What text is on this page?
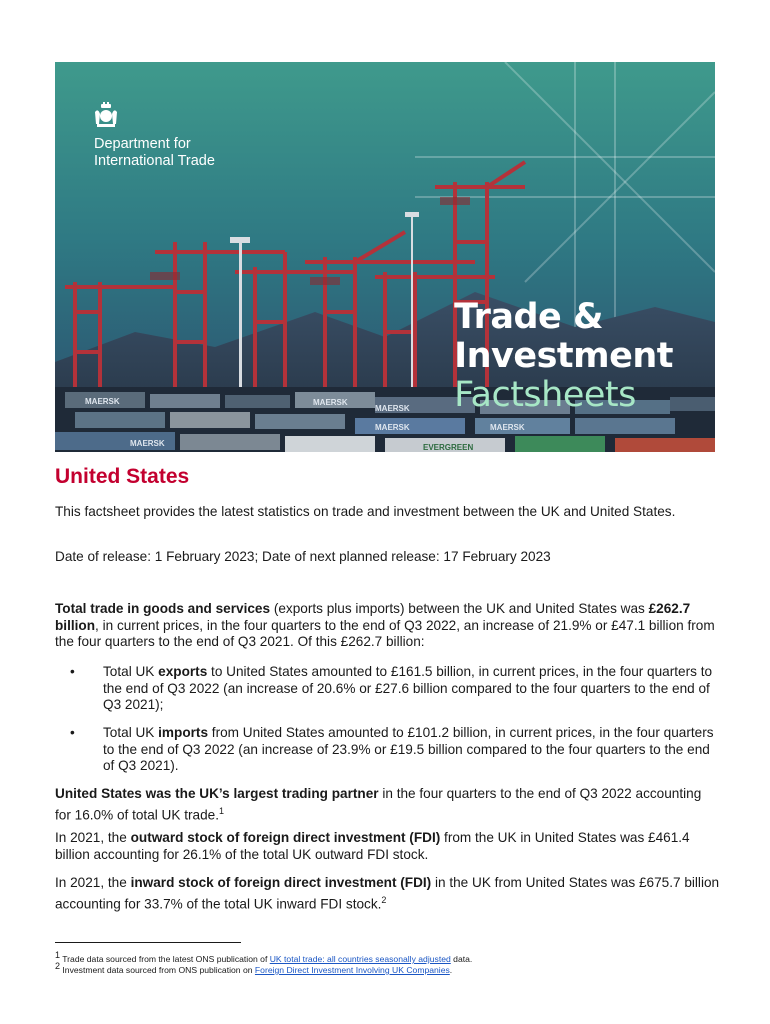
MAERSK	MAERSK
MAERSK
MAERSK	MAERSK
MAERSK	EVERGREEN
Department for
International Trade
Trade &
Investment
Factsheets
United States
This factsheet provides the latest statistics on trade and investment between the UK and United States.
Date of release: 1 February 2023; Date of next planned release: 17 February 2023
Total trade in goods and services (exports plus imports) between the UK and United States was £262.7 billion, in current prices, in the four quarters to the end of Q3 2022, an increase of 21.9% or £47.1 billion from the four quarters to the end of Q3 2021. Of this £262.7 billion:
• Total UK exports to United States amounted to £161.5 billion, in current prices, in the four quarters to the end of Q3 2022 (an increase of 20.6% or £27.6 billion compared to the four quarters to the end of Q3 2021);
• Total UK imports from United States amounted to £101.2 billion, in current prices, in the four quarters to the end of Q3 2022 (an increase of 23.9% or £19.5 billion compared to the four quarters to the end of Q3 2021).
United States was the UK’s largest trading partner in the four quarters to the end of Q3 2022 accounting for 16.0% of total UK trade.$^1$
In 2021, the outward stock of foreign direct investment (FDI) from the UK in United States was £461.4 billion accounting for 26.1% of the total UK outward FDI stock.
In 2021, the inward stock of foreign direct investment (FDI) in the UK from United States was £675.7 billion accounting for 33.7% of the total UK inward FDI stock.$^2$
$^1$ Trade data sourced from the latest ONS publication of UK total trade: all countries seasonally adjusted data.
$^2$ Investment data sourced from ONS publication on Foreign Direct Investment Involving UK Companies.
